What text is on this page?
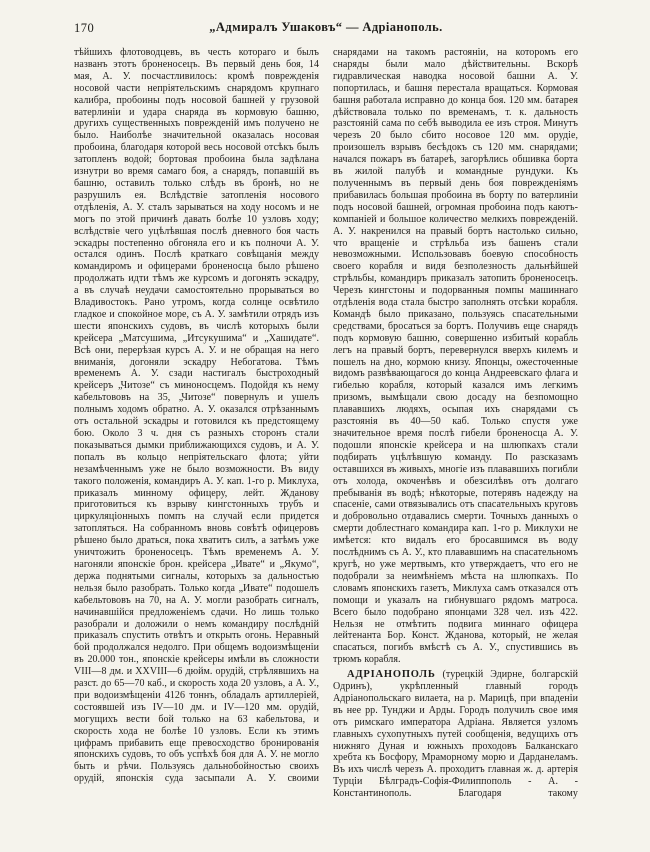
170	„Адмиралъ Ушаковъ“ — Адріанополь.

тѣйшихъ флотоводцевъ, въ честь котораго и былъ названъ этотъ броненосецъ. Въ первый день боя, 14 мая, А. У. посчастливилось: кромѣ поврежденія носовой части непріятельскимъ снарядомъ крупнаго калибра, пробоины подъ носовой башней у грузовой ватерлиніи и удара снаряда въ кормовую башню, другихъ существенныхъ поврежденій имъ получено не было. Наиболѣе значительной оказалась носовая пробоина, благодаря которой весь носовой отсѣкъ былъ затопленъ водой; бортовая пробоина была задѣлана изнутри во время самаго боя, а снарядъ, попавшій въ башню, оставилъ только слѣдъ въ бронѣ, но не разрушилъ ея. Вслѣдствіе затопленія носового отдѣленія, А. У. сталъ зарываться на ходу носомъ и не могъ по этой причинѣ давать болѣе 10 узловъ ходу; вслѣдствіе чего уцѣлѣвшая послѣ дневного боя часть эскадры постепенно обгоняла его и къ полночи А. У. остался одинъ. Послѣ краткаго совѣщанія между командиромъ и офицерами броненосца было рѣшено продолжать идти тѣмъ же курсомъ и догонять эскадру, а въ случаѣ неудачи самостоятельно прорываться во Владивостокъ. Рано утромъ, когда солнце освѣтило гладкое и спокойное море, съ А. У. замѣтили отрядъ изъ шести японскихъ судовъ, въ числѣ которыхъ были крейсера „Матсушима, „Итсукушима“ и „Хашидате“. Всѣ они, перерѣзая курсъ А. У. и не обращая на него вниманія, догоняли эскадру Небогатова. Тѣмъ временемъ А. У. сзади настигалъ быстроходный крейсеръ „Читозе“ съ миноносцемъ. Подойдя къ нему кабельтововъ на 35, „Читозе“ повернулъ и ушелъ полнымъ ходомъ обратно. А. У. оказался отрѣзаннымъ отъ остальной эскадры и готовился къ предстоящему бою. Около 3 ч. дня съ разныхъ сторонъ стали показываться дымки приближающихся судовъ, и А. У. попалъ въ кольцо непріятельскаго флота; уйти незамѣченнымъ уже не было возможности. Въ виду такого положенія, командиръ А. У. кап. 1-го р. Миклуха, приказалъ минному офицеру, лейт. Жданову приготовиться къ взрыву кингстонныхъ трубъ и циркуляціонныхъ помпъ на случай если придется затопляться. На собранномъ вновь совѣтѣ офицеровъ рѣшено было драться, пока хватитъ силъ, а затѣмъ уже уничтожить броненосецъ. Тѣмъ временемъ А. У. нагоняли японскіе брон. крейсера „Ивате“ и „Якумо“, держа поднятыми сигналы, которыхъ за дальностью нельзя было разобрать. Только когда „Ивате“ подошелъ кабельтововъ на 70, на А. У. могли разобрать сигналъ, начинавшійся предложеніемъ сдачи. Но лишь только разобрали и доложили о немъ командиру послѣдній приказалъ спустить отвѣтъ и открыть огонь. Неравный бой продолжался недолго. При общемъ водоизмѣщеніи въ 20.000 тон., японскіе крейсеры имѣли въ сложности VIII—8 дм. и XXVIII—6 дюйм. орудій, стрѣлявшихъ на разст. до 65—70 каб., и скорость хода 20 узловъ, а А. У., при водоизмѣщеніи 4126 тоннъ, обладалъ артиллеріей, состоявшей изъ IV—10 дм. и IV—120 мм. орудій, могущихъ вести бой только на 63 кабельтова, и скорость хода не болѣе 10 узловъ. Если къ этимъ цифрамъ прибавить еще превосходство бронированія японскихъ судовъ, то объ успѣхѣ боя для А. У. не могло быть и рѣчи. Пользуясь дальнобойностью своихъ орудій, японскія суда засыпали А. У. своими

снарядами на такомъ растояніи, на которомъ его снаряды были мало дѣйствительны. Вскорѣ гидравлическая наводка носовой башни А. У. попортилась, и башня перестала вращаться. Кормовая башня работала исправно до конца боя. 120 мм. батарея дѣйствовала только по временамъ, т. к. дальность разстояній сама по себѣ выводила ее изъ строя. Минутъ черезъ 20 было сбито носовое 120 мм. орудіе, произошелъ взрывъ бесѣдокъ съ 120 мм. снарядами; начался пожаръ въ батареѣ, загорѣлись обшивка борта въ жилой палубѣ и командные рундуки. Къ полученнымъ въ первый день боя поврежденіямъ прибавилась большая пробоина въ борту по ватерлиніи подъ носовой башней, огромная пробоина подъ каютъ-компаніей и большое количество мелкихъ поврежденій. А. У. накренился на правый бортъ настолько сильно, что вращеніе и стрѣльба изъ башенъ стали невозможными. Использовавъ боевую способность своего корабля и видя безполезность дальнѣйшей стрѣльбы, командиръ приказалъ затопить броненосецъ. Черезъ кингстоны и подорванныя помпы машиннаго отдѣленія вода стала быстро заполнять отсѣки корабля. Командѣ было приказано, пользуясь спасательными средствами, бросаться за бортъ. Получивъ еще снарядъ подъ кормовую башню, совершенно избитый корабль легъ на правый бортъ, перевернулся вверхъ килемъ и пошелъ на дно, кормою книзу. Японцы, ожесточенные видомъ развѣвающагося до конца Андреевскаго флага и гибелью корабля, который казался имъ легкимъ призомъ, вымѣщали свою досаду на безпомощно плававшихъ людяхъ, осыпая ихъ снарядами съ разстоянія въ 40—50 каб. Только спустя уже значительное время послѣ гибели броненосца А. У. подошли японскіе крейсера и на шлюпкахъ стали подбирать уцѣлѣвшую команду. По разсказамъ оставшихся въ живыхъ, многіе изъ плававшихъ погибли отъ холода, окоченѣвъ и обезсилѣвъ отъ долгаго пребыванія въ водѣ; нѣкоторые, потерявъ надежду на спасеніе, сами отвязывались отъ спасательныхъ круговъ и добровольно отдавались смерти. Точныхъ данныхъ о смерти доблестнаго командира кап. 1-го р. Миклухи не имѣется: кто видалъ его бросавшимся въ воду послѣднимъ съ А. У., кто плававшимъ на спасательномъ кругѣ, но уже мертвымъ, кто утверждаетъ, что его не подобрали за неимѣніемъ мѣста на шлюпкахъ. По словамъ японскихъ газетъ, Миклуха самъ отказался отъ помощи и указалъ на гибнувшаго рядомъ матроса. Всего было подобрано японцами 328 чел. изъ 422. Нельзя не отмѣтить подвига миннаго офицера лейтенанта Бор. Конст. Жданова, который, не желая спасаться, погибъ вмѣстѣ съ А. У., спустившись въ трюмъ корабля.

АДРІАНОПОЛЬ (турецкій Эдирне, болгарскій Одринъ), укрѣпленный главный городъ Адріанопольскаго вилаета, на р. Марицѣ, при впаденіи въ нее рр. Тунджи и Арды. Городъ получилъ свое имя отъ римскаго императора Адріана. Является узломъ главныхъ сухопутныхъ путей сообщенія, ведущихъ отъ нижняго Дуная и южныхъ проходовъ Балканскаго хребта къ Босфору, Мраморному морю и Дарданеламъ. Въ ихъ числѣ черезъ А. проходитъ главная ж. д. артерія Турціи Бѣлградъ-Софія-Филиппополь - А. - Константинополь. Благодаря такому
